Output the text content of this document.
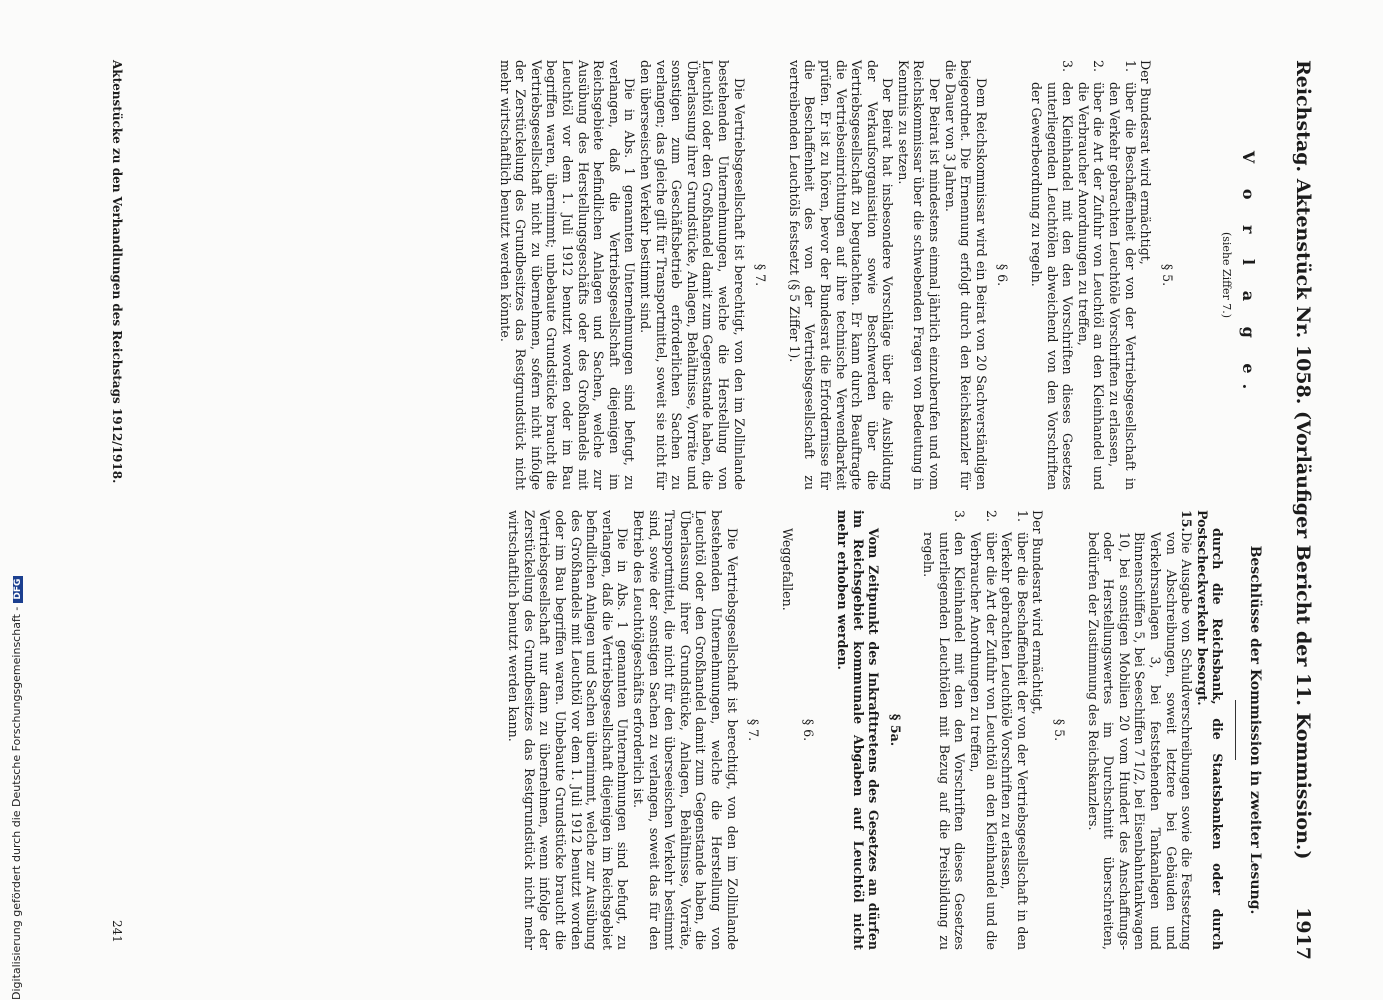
Reichstag. Aktenstück Nr. 1058. (Vorläufiger Bericht der 11. Kommission.)
1917
V o r l a g e.
(siehe Ziffer 7.)
§ 5.
Der Bundesrat wird ermächtigt,
1.
über die Beschaffenheit der von der Vertriebsgesellschaft in den Verkehr gebrachten Leuchtöle Vorschriften zu erlassen,
2.
über die Art der Zufuhr von Leuchtöl an den Kleinhandel und die Verbraucher Anordnungen zu treffen,
3.
den Kleinhandel mit den den Vorschriften dieses Gesetzes unterliegenden Leuchtölen abweichend von den Vorschriften der Gewerbeordnung zu regeln.
§ 6.

Dem Reichskommissar wird ein Beirat von 20 Sachverständigen beigeordnet. Die Ernennung erfolgt durch den Reichskanzler für die Dauer von 3 Jahren.

Der Beirat ist mindestens einmal jährlich einzuberufen und vom Reichskommissar über die schwebenden Fragen von Bedeutung in Kenntnis zu setzen.

Der Beirat hat insbesondere Vorschläge über die Ausbildung der Verkaufsorganisation sowie Beschwerden über die Vertriebsgesellschaft zu begutachten. Er kann durch Beauftragte die Vertriebseinrichtungen auf ihre technische Verwendbarkeit prüfen. Er ist zu hören, bevor der Bundesrat die Erfordernisse für die Beschaffenheit des von der Vertriebsgesellschaft zu vertreibenden Leuchtöls festsetzt (§ 5 Ziffer 1).

§ 7.

Die Vertriebsgesellschaft ist berechtigt, von den im Zollinlande bestehenden Unternehmungen, welche die Herstellung von Leuchtöl oder den Großhandel damit zum Gegenstande haben, die Überlassung ihrer Grundstücke, Anlagen, Behältnisse, Vorräte und sonstigen zum Geschäftsbetrieb erforderlichen Sachen zu verlangen; das gleiche gilt für Transportmittel, soweit sie nicht für den überseeischen Verkehr bestimmt sind.

Die in Abs. 1 genannten Unternehmungen sind befugt, zu verlangen, daß die Vertriebsgesellschaft diejenigen im Reichsgebiete befindlichen Anlagen und Sachen, welche zur Ausübung des Herstellungsgeschäfts oder des Großhandels mit Leuchtöl vor dem 1. Juli 1912 benutzt worden oder im Bau begriffen waren, übernimmt; unbebaute Grundstücke braucht die Vertriebsgesellschaft nicht zu übernehmen, sofern nicht infolge der Zerstückelung des Grundbesitzes das Restgrundstück nicht mehr wirtschaftlich benutzt werden könnte.

Beschlüsse der Kommission in zweiter Lesung.

durch die Reichsbank, die Staatsbanken oder durch Postscheckverkehr besorgt.

15.
Die Ausgabe von Schuldverschreibungen sowie die Festsetzung von Abschreibungen, soweit letztere bei Gebäuden und Verkehrsanlagen 3, bei feststehenden Tankanlagen und Binnenschiffen 5, bei Seeschiffen 7 1/2, bei Eisenbahntankwagen 10, bei sonstigen Mobilien 20 vom Hundert des Anschaffungs- oder Herstellungswertes im Durchschnitt überschreiten, bedürfen der Zustimmung des Reichskanzlers.
§ 5.
Der Bundesrat wird ermächtigt,
1.
über die Beschaffenheit der von der Vertriebsgesellschaft in den Verkehr gebrachten Leuchtöle Vorschriften zu erlassen,
2.
über die Art der Zufuhr von Leuchtöl an den Kleinhandel und die Verbraucher Anordnungen zu treffen,
3.
den Kleinhandel mit den den Vorschriften dieses Gesetzes unterliegenden Leuchtölen mit Bezug auf die Preisbildung zu regeln.
§ 5a.

Vom Zeitpunkt des Inkrafttretens des Gesetzes an dürfen im Reichsgebiet kommunale Abgaben auf Leuchtöl nicht mehr erhoben werden.

§ 6.

Weggefallen.

§ 7.

Die Vertriebsgesellschaft ist berechtigt, von den im Zollinlande bestehenden Unternehmungen, welche die Herstellung von Leuchtöl oder den Großhandel damit zum Gegenstande haben, die Überlassung ihrer Grundstücke, Anlagen, Behältnisse, Vorräte, Transportmittel, die nicht für den überseeischen Verkehr bestimmt sind, sowie der sonstigen Sachen zu verlangen, soweit das für den Betrieb des Leuchtölgeschäfts erforderlich ist.

Die in Abs. 1 genannten Unternehmungen sind befugt, zu verlangen, daß die Vertriebsgesellschaft diejenigen im Reichsgebiet befindlichen Anlagen und Sachen übernimmt, welche zur Ausübung des Großhandels mit Leuchtöl vor dem 1. Juli 1912 benutzt worden oder im Bau begriffen waren. Unbebaute Grundstücke braucht die Vertriebsgesellschaft nur dann zu übernehmen, wenn infolge der Zerstückelung des Grundbesitzes das Restgrundstück nicht mehr wirtschaftlich benutzt werden kann.

Aktenstücke zu den Verhandlungen des Reichstags 1912/1918.
241
Digitalisierung gefördert durch die Deutsche Forschungsgemeinschaft -DFG
